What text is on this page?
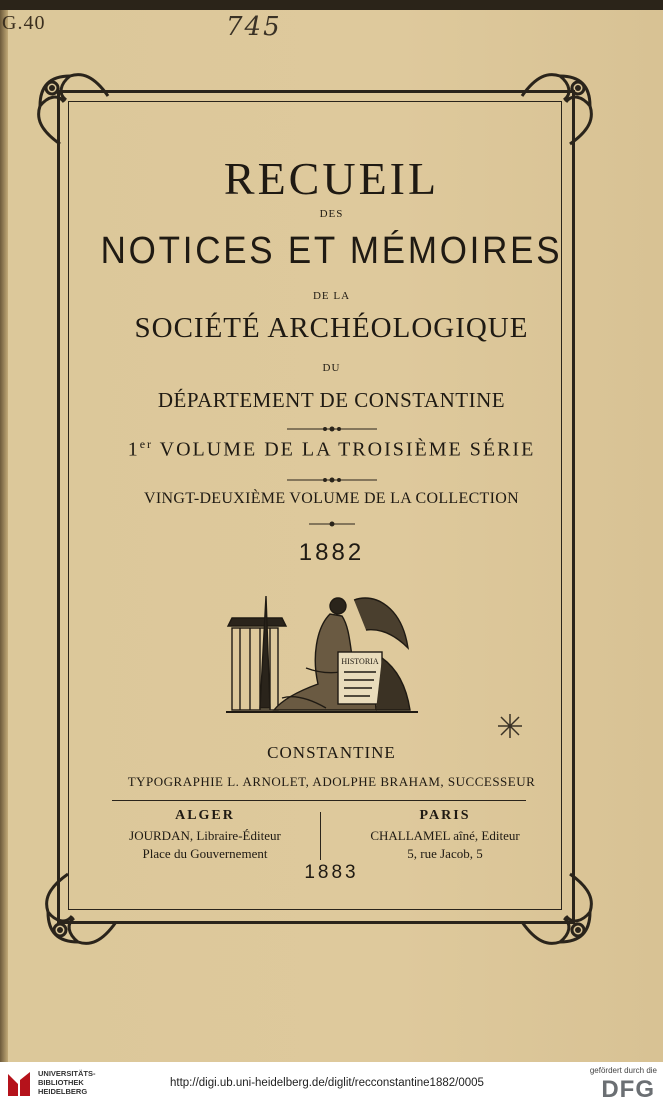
G.40	745
RECUEIL
DES
NOTICES ET MÉMOIRES
DE LA
SOCIÉTÉ ARCHÉOLOGIQUE
DU
DÉPARTEMENT DE CONSTANTINE
1er VOLUME DE LA TROISIÈME SÉRIE
VINGT-DEUXIÈME VOLUME DE LA COLLECTION
1882
HISTORIA
CONSTANTINE
TYPOGRAPHIE L. ARNOLET, ADOLPHE BRAHAM, SUCCESSEUR
ALGER
JOURDAN, Libraire-Éditeur
Place du Gouvernement
PARIS
CHALLAMEL aîné, Editeur
5, rue Jacob, 5
1883
UNIVERSITÄTS-
BIBLIOTHEK
HEIDELBERG
http://digi.ub.uni-heidelberg.de/diglit/recconstantine1882/0005
gefördert durch die
DFG
